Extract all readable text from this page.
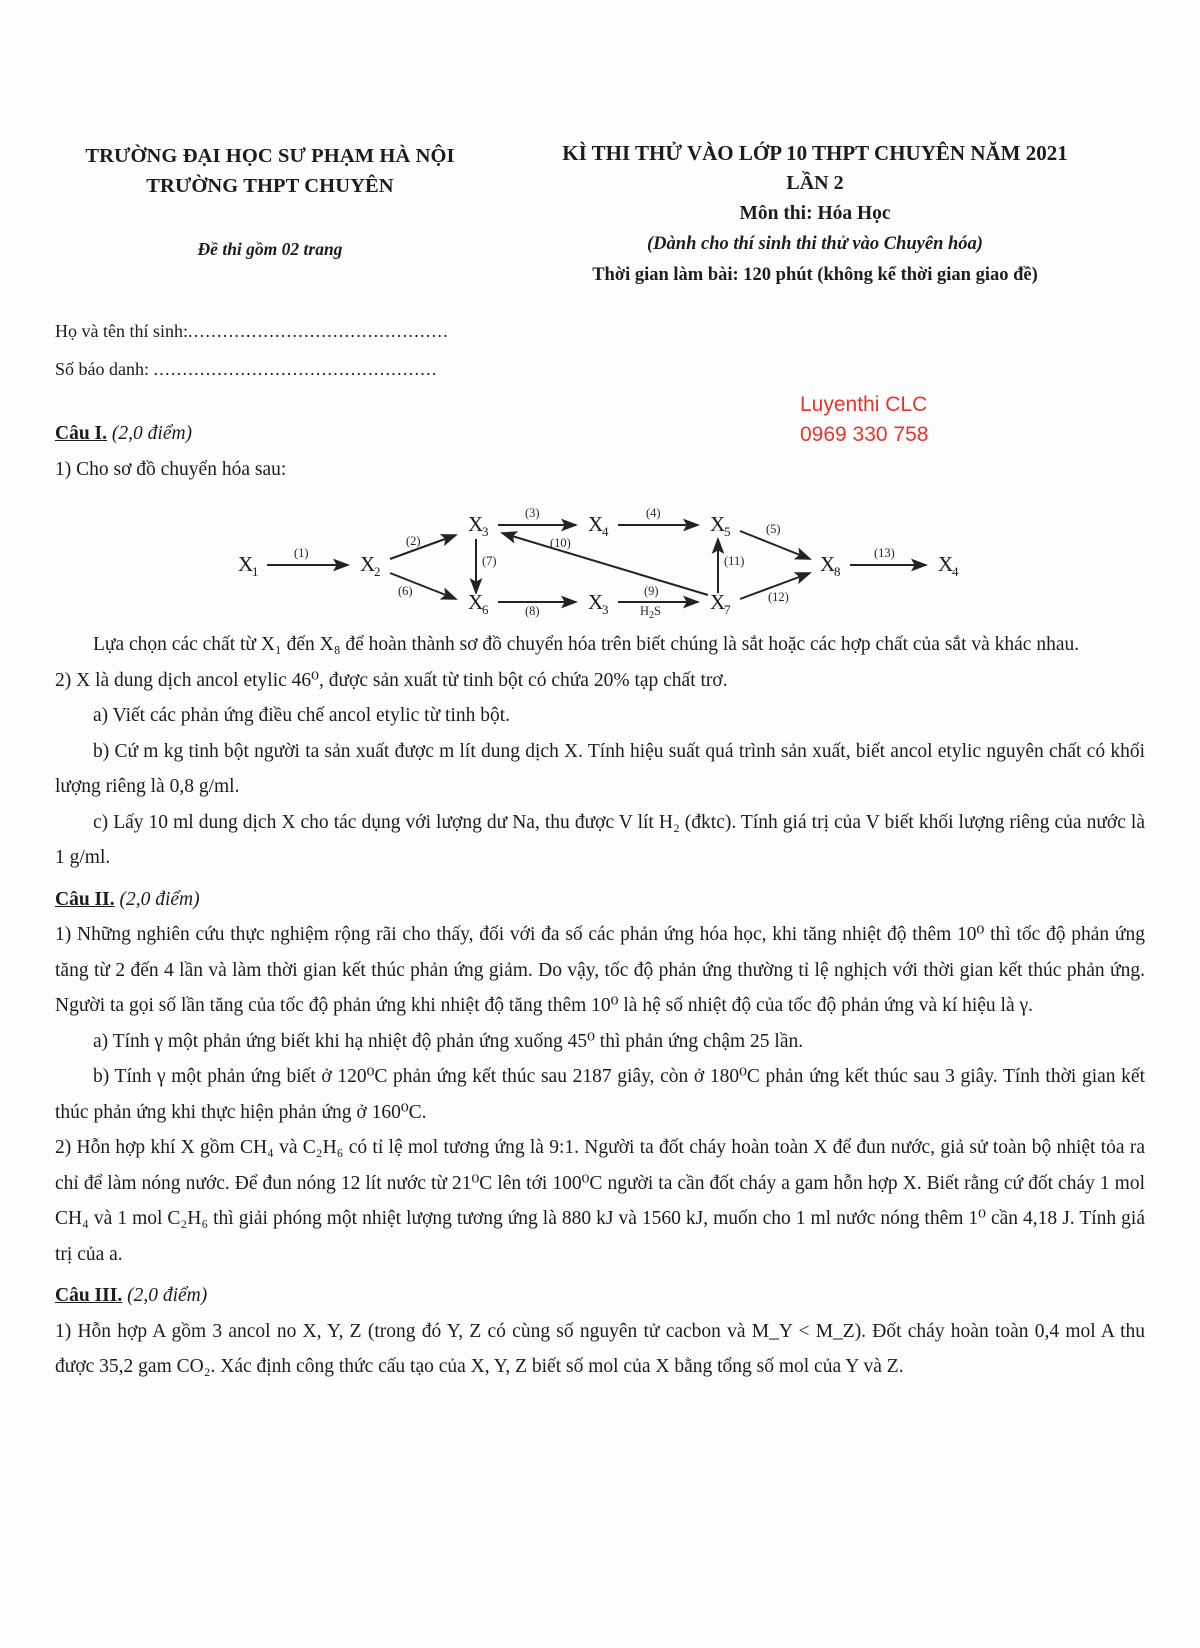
TRƯỜNG ĐẠI HỌC SƯ PHẠM HÀ NỘI
TRƯỜNG THPT CHUYÊN
Đề thi gồm 02 trang
KÌ THI THỬ VÀO LỚP 10 THPT CHUYÊN NĂM 2021
LẦN 2
Môn thi: Hóa Học
(Dành cho thí sinh thi thử vào Chuyên hóa)
Thời gian làm bài: 120 phút (không kể thời gian giao đề)
Họ và tên thí sinh:.............................................
Số báo danh: .................................................
Luyenthi CLC
0969 330 758
Câu I. (2,0 điểm)

1) Cho sơ đồ chuyển hóa sau:

X
1	X
2
X
3	X
4	X
5
X
8	X
4
X
6	X
3	X
7
(1)
(2)
(3)	(4)
(5)
(6)
(7)
(8)
(9)
H 2 S
(10)
(11)
(12)
(13)

Lựa chọn các chất từ X₁ đến X₈ để hoàn thành sơ đồ chuyển hóa trên biết chúng là sắt hoặc các hợp chất của sắt và khác nhau.

2) X là dung dịch ancol etylic 46⁰, được sản xuất từ tinh bột có chứa 20% tạp chất trơ.

a) Viết các phản ứng điều chế ancol etylic từ tinh bột.

b) Cứ m kg tinh bột người ta sản xuất được m lít dung dịch X. Tính hiệu suất quá trình sản xuất, biết ancol etylic nguyên chất có khối lượng riêng là 0,8 g/ml.

c) Lấy 10 ml dung dịch X cho tác dụng với lượng dư Na, thu được V lít H₂ (đktc). Tính giá trị của V biết khối lượng riêng của nước là 1 g/ml.

Câu II. (2,0 điểm)

1) Những nghiên cứu thực nghiệm rộng rãi cho thấy, đối với đa số các phản ứng hóa học, khi tăng nhiệt độ thêm 10⁰ thì tốc độ phản ứng tăng từ 2 đến 4 lần và làm thời gian kết thúc phản ứng giảm. Do vậy, tốc độ phản ứng thường tỉ lệ nghịch với thời gian kết thúc phản ứng. Người ta gọi số lần tăng của tốc độ phản ứng khi nhiệt độ tăng thêm 10⁰ là hệ số nhiệt độ của tốc độ phản ứng và kí hiệu là γ.

a) Tính γ một phản ứng biết khi hạ nhiệt độ phản ứng xuống 45⁰ thì phản ứng chậm 25 lần.

b) Tính γ một phản ứng biết ở 120⁰C phản ứng kết thúc sau 2187 giây, còn ở 180⁰C phản ứng kết thúc sau 3 giây. Tính thời gian kết thúc phản ứng khi thực hiện phản ứng ở 160⁰C.

2) Hỗn hợp khí X gồm CH₄ và C₂H₆ có tỉ lệ mol tương ứng là 9:1. Người ta đốt cháy hoàn toàn X để đun nước, giả sử toàn bộ nhiệt tỏa ra chỉ để làm nóng nước. Để đun nóng 12 lít nước từ 21⁰C lên tới 100⁰C người ta cần đốt cháy a gam hỗn hợp X. Biết rằng cứ đốt cháy 1 mol CH₄ và 1 mol C₂H₆ thì giải phóng một nhiệt lượng tương ứng là 880 kJ và 1560 kJ, muốn cho 1 ml nước nóng thêm 1⁰ cần 4,18 J. Tính giá trị của a.

Câu III. (2,0 điểm)

1) Hỗn hợp A gồm 3 ancol no X, Y, Z (trong đó Y, Z có cùng số nguyên tử cacbon và M_Y < M_Z). Đốt cháy hoàn toàn 0,4 mol A thu được 35,2 gam CO₂. Xác định công thức cấu tạo của X, Y, Z biết số mol của X bằng tổng số mol của Y và Z.
